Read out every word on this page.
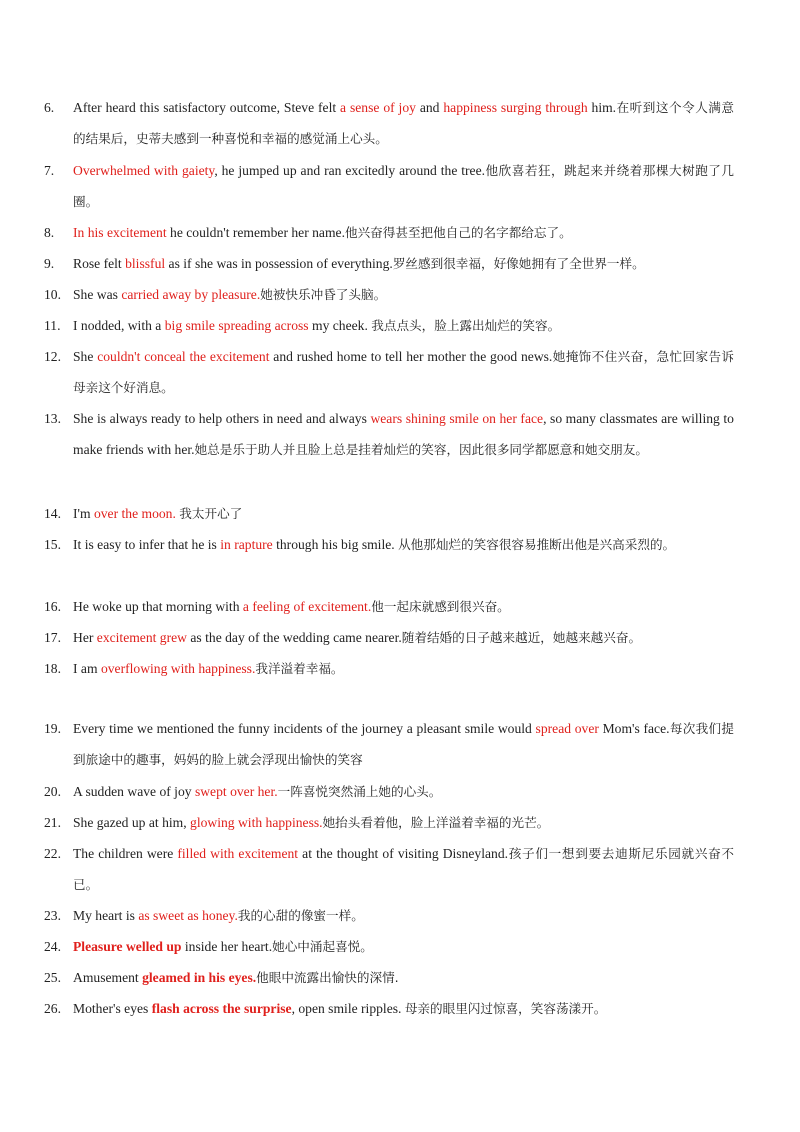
6. After heard this satisfactory outcome, Steve felt a sense of joy and happiness surging through him.在听到这个令人满意的结果后，史蒂夫感到一种喜悦和幸福的感觉涌上心头。
7. Overwhelmed with gaiety, he jumped up and ran excitedly around the tree.他欣喜若狂，跳起来并绕着那棵大树跑了几圈。
8. In his excitement he couldn't remember her name.他兴奋得甚至把他自己的名字都给忘了。
9. Rose felt blissful as if she was in possession of everything.罗丝感到很幸福，好像她拥有了全世界一样。
10. She was carried away by pleasure.她被快乐冲昏了头脑。
11. I nodded, with a big smile spreading across my cheek. 我点点头，脸上露出灿烂的笑容。
12. She couldn't conceal the excitement and rushed home to tell her mother the good news.她掩饰不住兴奋，急忙回家告诉母亲这个好消息。
13. She is always ready to help others in need and always wears shining smile on her face, so many classmates are willing to make friends with her.她总是乐于助人并且脸上总是挂着灿烂的笑容，因此很多同学都愿意和她交朋友。
14. I'm over the moon. 我太开心了
15. It is easy to infer that he is in rapture through his big smile. 从他那灿烂的笑容很容易推断出他是兴高采烈的。
16. He woke up that morning with a feeling of excitement.他一起床就感到很兴奋。
17. Her excitement grew as the day of the wedding came nearer.随着结婚的日子越来越近，她越来越兴奋。
18. I am overflowing with happiness.我洋溢着幸福。
19. Every time we mentioned the funny incidents of the journey a pleasant smile would spread over Mom's face.每次我们提到旅途中的趣事，妈妈的脸上就会浮现出愉快的笑容
20. A sudden wave of joy swept over her.一阵喜悦突然涌上她的心头。
21. She gazed up at him, glowing with happiness.她抬头看着他，脸上洋溢着幸福的光芒。
22. The children were filled with excitement at the thought of visiting Disneyland.孩子们一想到要去迪斯尼乐园就兴奋不已。
23. My heart is as sweet as honey.我的心甜的像蜜一样。
24. Pleasure welled up inside her heart.她心中涌起喜悦。
25. Amusement gleamed in his eyes.他眼中流露出愉快的深情.
26. Mother's eyes flash across the surprise, open smile ripples. 母亲的眼里闪过惊喜，笑容荡漾开。
